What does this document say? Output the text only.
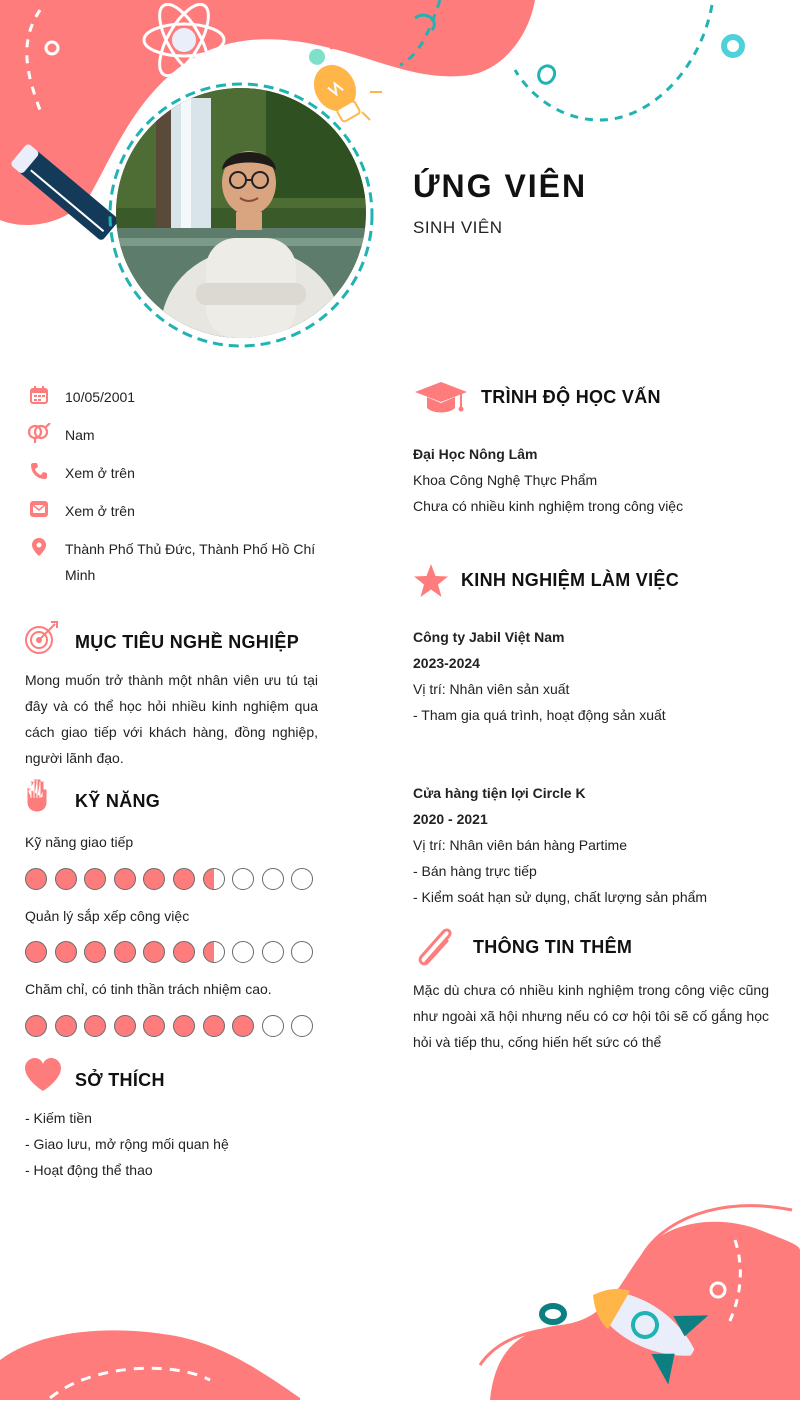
ỨNG VIÊN
SINH VIÊN
10/05/2001
Nam
Xem ở trên
Xem ở trên
Thành Phố Thủ Đức, Thành Phố Hồ Chí
Minh
MỤC TIÊU NGHỀ NGHIỆP
Mong muốn trở thành một nhân viên ưu tú tại đây và có thể học hỏi nhiều kinh nghiệm qua cách giao tiếp với khách hàng, đồng nghiệp, người lãnh đạo.
KỸ NĂNG
Kỹ năng giao tiếp
Quản lý sắp xếp công việc
Chăm chỉ, có tinh thần trách nhiệm cao.
SỞ THÍCH
- Kiếm tiền
- Giao lưu, mở rộng mối quan hệ
- Hoạt động thể thao
TRÌNH ĐỘ HỌC VẤN
Đại Học Nông Lâm
Khoa Công Nghệ Thực Phẩm
Chưa có nhiều kinh nghiệm trong công việc
KINH NGHIỆM LÀM VIỆC
Công ty Jabil Việt Nam
2023-2024
Vị trí: Nhân viên sản xuất
- Tham gia quá trình, hoạt động sản xuất
Cửa hàng tiện lợi Circle K
2020 - 2021
Vị trí: Nhân viên bán hàng Partime
- Bán hàng trực tiếp
- Kiểm soát hạn sử dụng, chất lượng sản phẩm
THÔNG TIN THÊM
Mặc dù chưa có nhiều kinh nghiệm trong công việc cũng như ngoài xã hội nhưng nếu có cơ hội tôi sẽ cố gắng học hỏi và tiếp thu, cống hiến hết sức có thể
